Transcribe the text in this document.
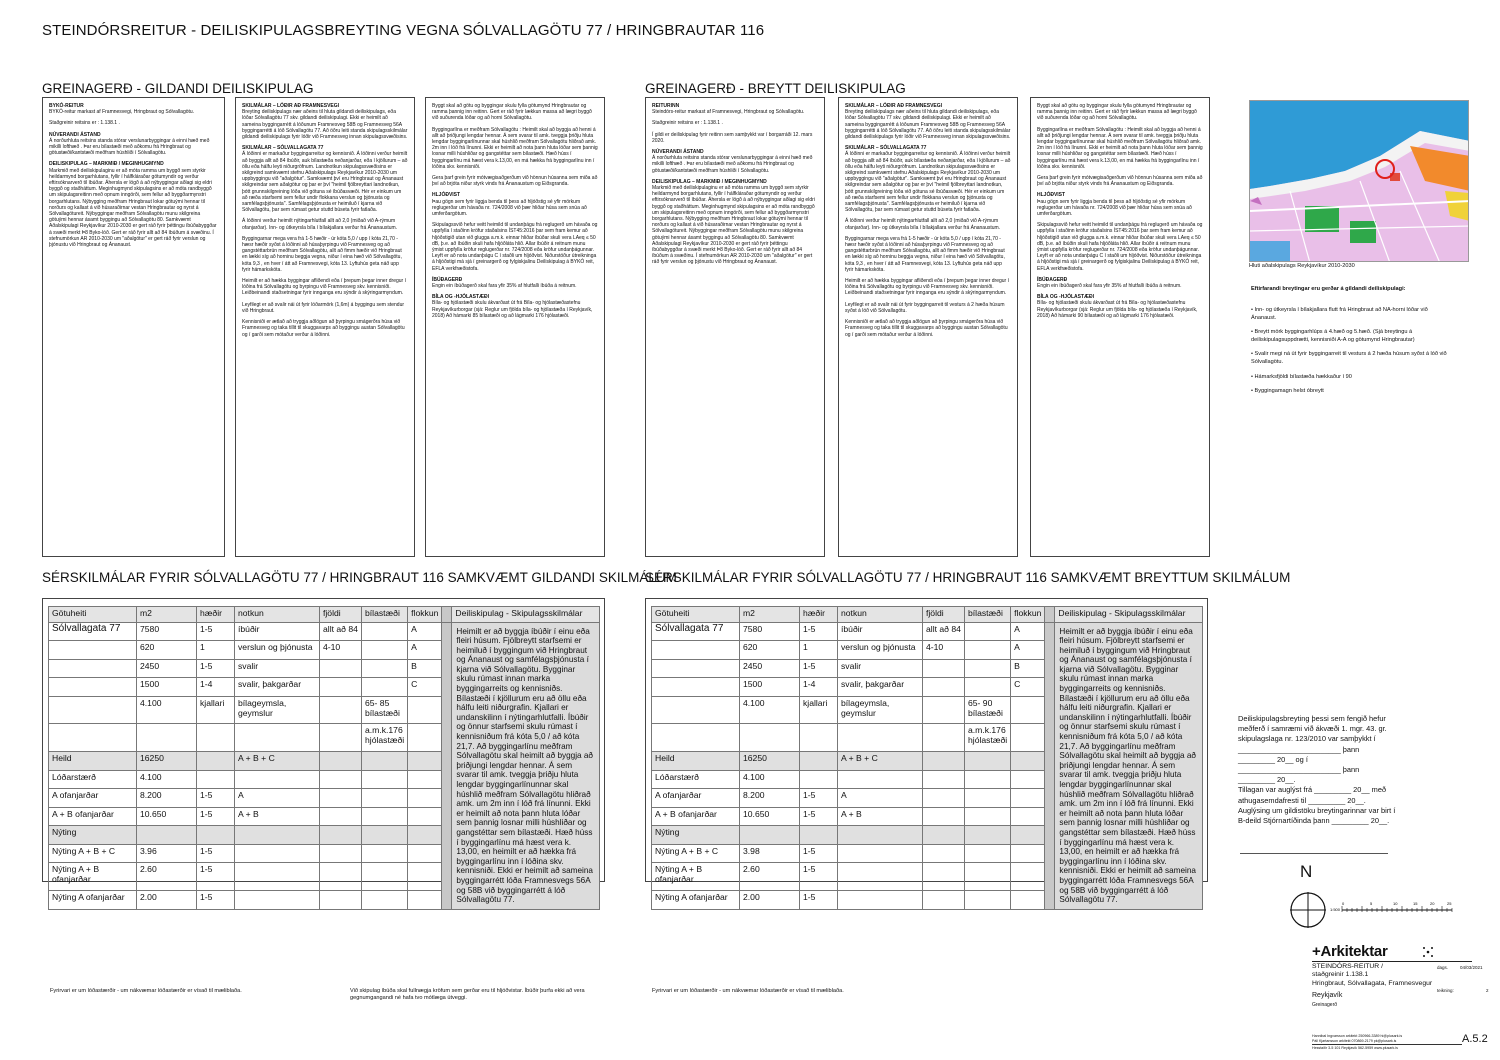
STEINDÓRSREITUR - DEILISKIPULAGSBREYTING VEGNA SÓLVALLAGÖTU 77 / HRINGBRAUTAR 116
GREINAGERÐ - GILDANDI DEILISKIPULAG

BYKÓ-REITUR
BYKÓ-reitur markast af Framnesvegi, Hringbraut og Sólvallagötu.

Staðgreinir reitsins er : 1.138.1 .

NÚVERANDI ÁSTAND
Á norðurhluta reitsins standa stórar verslunarbyggingar á einni hæð með mikilli lofthæð . Þar eru bílastæði með aðkomu frá Hringbraut og götustæði/kantstæði meðfram húshliði í Sólvallagötu.

DEILISKIPULAG – MARKMIÐ / MEGINHUGMYND
Markmið með deiliskipulaginu er að móta ramma um byggð sem styrkir heildarmynd borgarhlutans, fyllir í hálfkláraðar götumyndir og verður eftirsóknarverð til íbúðar. Áhersla er lögð á að nýbyggingar aðlagi sig eldri byggð og staðháttum. Meginhugmynd skipulagsins er að móta randbyggð um skipulagsreitinn með opnum inngörði, sem fellur að byggðarmynstri borgarhlutans. Nýbygging meðfram Hringbraut lokar götuými hennar til norðurs og kallast á við húsaraðirnar vestan Hringbrautar og nyrst á Sólvallagötureit. Nýbyggingar meðfram Sólvallagötu munu skilgreina götuými hennar ásamt byggingu að Sólvallagötu 80. Samkvæmt Aðalskipulagi Reykjavíkur 2010-2030 er gert ráð fyrir þéttingu íbúðabyggðar á svæði merkt Þ8 Byko-lóð. Gert er ráð fyrir allt að 84 íbúðum á svæðinu. Í stefnumörkun AR 2010-2030 um "aðalgötur" er gert ráð fyrir verslun og þjónustu við Hringbraut og Ánanaust.

SKILMÁLAR – LÓÐIR AÐ FRAMNESVEGI
Breyting deiliskipulags nær aðeins til hluta gildandi deiliskipulags, eða lóðar Sólvallagötu 77 skv. gildandi deiliskipulagi. Ekki er heimilt að sameina byggingarrétt á lóðunum Framnesveg 58B og Framnesveg 56A byggingarrétti á lóð Sólvallagötu 77. Að öðru leiti standa skipulagsskilmálar gildandi deiliskipulags fyrir lóðir við Framnesveg innan skipulagssvæðisins.

SKILMÁLAR – SÓLVALLAGATA 77
Á lóðinni er markaður byggingarreitur og kennisnið. Á lóðinni verður heimilt að byggja allt að 84 íbúðir, auk bílastæða neðanjarðar, eða í kjöllurum – að öllu eða hálfu leyti niðurgröfnum. Landnotkun skipulagssvæðisins er skilgreind samkvæmt stefnu Aðalskipulags Reykjavíkur 2010-2030 um uppbyggingu við "aðalgötur". Samkvæmt því eru Hringbraut og Ánanaust skilgreindar sem aðalgötur og þar er því "heimil fjölbreyttari landnotkun, þótt grunnskilgreining lóða við götuna sé íbúðasvæði. Hér er einkum um að ræða starfsemi sem fellur undir flokkana verslun og þjónusta og samfélagsþjónusta". Samfélagsþjónusta er heimiluð í kjarna við Sólvallagötu, þar sem rúmast getur stuttd búseta fyrir fatlaða.

Á lóðinni verður heimilt nýtingarhlutfall allt að 2,0 (miðað við A-rýmum ofanjarðar). Inn- og útkeyrsla bíla í bílakjallara verður frá Ánanaustum.

Byggingarnar mega vera frá 1-5 hæðir - úr kóta 5,0 / upp í kóta 21,70 - hæsr hæðir syðst á lóðinni að húsaþyrpingu við Framnesveg og að gangstéttarbrún meðfram Sólvallagötu, allt að fimm hæðir við Hringbraut en lækki síg að horninu beggja vegna, niður í eina hæð við Sólvallagötu, kóta 9,3 , en hver í átt að Framnesvegi, kóta 13. Lyftuhús geta náð upp fyrir hámarkskóta.

Heimilt er að hækka byggingar afliðendi eða í þrepum þegar inner dregur í lóðina frá Sólvallagötu og byrpingu við Framnesveg skv. kennisniði. Leiðbeinandi staðsetningar fyrir innganga eru sýndir á skýringarmyndum.

Leyfilegt er að svalir nái út fyrir lóðarmörk (1,6m) á byggingu sem stendur við Hringbraut.

Kennisniði er ætlað að tryggja aðlögun að þyrpingu smágerðra húsa við Framnesveg og taka tillit til skuggavarps að byggingu austan Sólvallagötu og í garði sem mótaður verður á lóðinni.

Byggt skal að götu og byggingar skulu fylla götumynd Hringbrautar og ramma þannig inn reitinn. Gert er ráð fyrir lækkun massa að lægri byggð við suðurenda lóðar og að horni Sólvallagötu.

Byggingarlína er meðfram Sólvallagötu : Heimilt skal að byggja að henni á allt að þriðjungi lengdar hennar. Á sem svarar til amk. tveggja þriðju hluta lengdar byggingarlínunnar skal húshlið meðfram Sólvallagötu hliðrað amk. 2m inn í lóð frá línunni. Ekki er heimilt að nota þann hluta lóðar sem þannig losnar milli húshliðar og gangstéttar sem bílastæði. Hæð húss í byggingarlínu má hæst vera k.13,00, en má hækka frá byggingarlínu inn í lóðina skv. kennisniði.

Gera þarf grein fyrir mótvægisaðgerðum við hönnun húsanna sem miða að því að brjóta niður styrk vinds frá Ánanaustum og Eiðsgranda.

HLJÓÐVIST
Þau gögn sem fyrir liggja benda til þess að hljóðstig sé yfir mörkum reglugerðar um hávaða nr. 724/2008 við þær hliðar húsa sem snúa að umferðargötum.

Skipulagssvið hefur veitt heimild til undanþágu frá reglugerð um hávaða og uppfylla í staðinn kröfur staðalsins ÍST45:2016 þar sem fram kemur að hljóðstigið utan við glugga a.m.k. einnar hliðar íbúðar skuli vera LAeq ≤ 50 dB, þ.e. að íbúðin skuli hafa hljóðláta hlið. Allar íbúðir á reitnum munu ýmist uppfylla kröfur reglugerðar nr. 724/2008 eða kröfur undanþágunnar. Leyft er að nota undanþágu C í staðli um hljóðvist. Niðurstöður útreikninga á hljóðstigi má sjá í greinargerð og fylgiskjalinu Deiliskipulag á BYKÓ reit, EFLA verkfræðistofa.

ÍBÚÐAGERÐ
Engin ein íbúðagerð skal fara yfir 35% af hlutfalli íbúða á reitnum.

BÍLA OG -HJÓLASTÆÐI
Bíla- og hjólastæði skulu ákvarðast út frá Bíla- og hjólastæðastefnu Reykjavíkurborgar (sjá: Reglur um fjölda bíla- og hjólastæða í Reykjavík, 2018) Að hámarki 85 bílastæði og að lágmarki 176 hjólastæði.

GREINAGERÐ - BREYTT DEILISKIPULAG

REITURINN
Steindórs-reitur markast af Framnesvegi, Hringbraut og Sólvallagötu.

Staðgreinir reitsins er : 1.138.1 .

Í gildi er deiliskipulag fyrir reitinn sem samþykkt var í borgarráði 12. mars 2020.

NÚVERANDI ÁSTAND
Á norðurhluta reitsins standa stórar verslunarbyggingar á einni hæð með mikilli lofthæð . Þar eru bílastæði með aðkomu frá Hringbraut og götustæði/kantstæði meðfram húshliði í Sólvallagötu.

DEILISKIPULAG – MARKMIÐ / MEGINHUGMYND
Markmið með deiliskipulaginu er að móta ramma um byggð sem styrkir heildarmynd borgarhlutans, fyllir í hálfkláraðar götumyndir og verður eftirsóknarverð til íbúðar. Áhersla er lögð á að nýbyggingar aðlagi sig eldri byggð og staðháttum. Meginhugmynd skipulagsins er að móta randbyggð um skipulagsreitinn með opnum inngörði, sem fellur að byggðarmynstri borgarhlutans. Nýbygging meðfram Hringbraut lokar götuými hennar til norðurs og kallast á við húsaraðirnar vestan Hringbrautar og nyrst á Sólvallagötureit. Nýbyggingar meðfram Sólvallagötu munu skilgreina götuými hennar ásamt byggingu að Sólvallagötu 80. Samkvæmt Aðalskipulagi Reykjavíkur 2010-2030 er gert ráð fyrir þéttingu íbúðabyggðar á svæði merkt Þ8 Byko-lóð. Gert er ráð fyrir allt að 84 íbúðum á svæðinu. Í stefnumörkun AR 2010-2030 um "aðalgötur" er gert ráð fyrir verslun og þjónustu við Hringbraut og Ánanaust.

SKILMÁLAR – LÓÐIR AÐ FRAMNESVEGI
Breyting deiliskipulags nær aðeins til hluta gildandi deiliskipulags, eða lóðar Sólvallagötu 77 skv. gildandi deiliskipulagi. Ekki er heimilt að sameina byggingarrétt á lóðunum Framnesveg 58B og Framnesveg 56A byggingarrétti á lóð Sólvallagötu 77. Að öðru leiti standa skipulagsskilmálar gildandi deiliskipulags fyrir lóðir við Framnesveg innan skipulagssvæðisins.

SKILMÁLAR – SÓLVALLAGATA 77
Á lóðinni er markaður byggingarreitur og kennisnið. Á lóðinni verður heimilt að byggja allt að 84 íbúðir, auk bílastæða neðanjarðar, eða í kjöllurum – að öllu eða hálfu leyti niðurgröfnum. Landnotkun skipulagssvæðisins er skilgreind samkvæmt stefnu Aðalskipulags Reykjavíkur 2010-2030 um uppbyggingu við "aðalgötur". Samkvæmt því eru Hringbraut og Ánanaust skilgreindar sem aðalgötur og þar er því "heimil fjölbreyttari landnotkun, þótt grunnskilgreining lóða við götuna sé íbúðasvæði. Hér er einkum um að ræða starfsemi sem fellur undir flokkana verslun og þjónusta og samfélagsþjónusta". Samfélagsþjónusta er heimiluð í kjarna við Sólvallagötu, þar sem rúmast getur stuttd búseta fyrir fatlaða.

Á lóðinni verður heimilt nýtingarhlutfall allt að 2,0 (miðað við A-rýmum ofanjarðar). Inn- og útkeyrsla bíla í bílakjallara verður frá Ánanaustum.

Byggingarnar mega vera frá 1-5 hæðir - úr kóta 5,0 / upp í kóta 21,70 - hæsr hæðir syðst á lóðinni að húsaþyrpingu við Framnesveg og að gangstéttarbrún meðfram Sólvallagötu, allt að fimm hæðir við Hringbraut en lækki síg að horninu beggja vegna, niður í eina hæð við Sólvallagötu, kóta 9,3 , en hver í átt að Framnesvegi, kóta 13. Lyftuhús geta náð upp fyrir hámarkskóta.

Heimilt er að hækka byggingar afliðendi eða í þrepum þegar inner dregur í lóðina frá Sólvallagötu og byrpingu við Framnesveg skv. kennisniði. Leiðbeinandi staðsetningar fyrir innganga eru sýndir á skýringarmyndum.

Leyfilegt er að svalir nái út fyrir byggingarreit til vesturs á 2 hæða húsum syðst á lóð við Sólvallagötu.

Kennisniði er ætlað að tryggja aðlögun að þyrpingu smágerðra húsa við Framnesveg og taka tillit til skuggavarps að byggingu austan Sólvallagötu og í garði sem mótaður verður á lóðinni.

Byggt skal að götu og byggingar skulu fylla götumynd Hringbrautar og ramma þannig inn reitinn. Gert er ráð fyrir lækkun massa að lægri byggð við suðurenda lóðar og að horni Sólvallagötu.

Byggingarlína er meðfram Sólvallagötu : Heimilt skal að byggja að henni á allt að þriðjungi lengdar hennar. Á sem svarar til amk. tveggja þriðju hluta lengdar byggingarlínunnar skal húshlið meðfram Sólvallagötu hliðrað amk. 2m inn í lóð frá línunni. Ekki er heimilt að nota þann hluta lóðar sem þannig losnar milli húshliðar og gangstéttar sem bílastæði. Hæð húss í byggingarlínu má hæst vera k.13,00, en má hækka frá byggingarlínu inn í lóðina skv. kennisniði.

Gera þarf grein fyrir mótvægisaðgerðum við hönnun húsanna sem miða að því að brjóta niður styrk vinds frá Ánanaustum og Eiðsgranda.

HLJÓÐVIST
Þau gögn sem fyrir liggja benda til þess að hljóðstig sé yfir mörkum reglugerðar um hávaða nr. 724/2008 við þær hliðar húsa sem snúa að umferðargötum.

Skipulagssvið hefur veitt heimild til undanþágu frá reglugerð um hávaða og uppfylla í staðinn kröfur staðalsins ÍST45:2016 þar sem fram kemur að hljóðstigið utan við glugga a.m.k. einnar hliðar íbúðar skuli vera LAeq ≤ 50 dB, þ.e. að íbúðin skuli hafa hljóðláta hlið. Allar íbúðir á reitnum munu ýmist uppfylla kröfur reglugerðar nr. 724/2008 eða kröfur undanþágunnar. Leyft er að nota undanþágu C í staðli um hljóðvist. Niðurstöður útreikninga á hljóðstigi má sjá í greinargerð og fylgiskjalinu Deiliskipulag á BYKÓ reit, EFLA verkfræðistofa.

ÍBÚÐAGERÐ
Engin ein íbúðagerð skal fara yfir 35% af hlutfalli íbúða á reitnum.

BÍLA OG -HJÓLASTÆÐI
Bíla- og hjólastæði skulu ákvarðast út frá Bíla- og hjólastæðastefnu Reykjavíkurborgar (sjá: Reglur um fjölda bíla- og hjólastæða í Reykjavík, 2018) Að hámarki 90 bílastæði og að lágmarki 176 hjólastæði.

SÉRSKILMÁLAR FYRIR SÓLVALLAGÖTU 77 / HRINGBRAUT 116 SAMKVÆMT GILDANDI SKILMÁLUM
SÉRSKILMÁLAR FYRIR SÓLVALLAGÖTU 77 / HRINGBRAUT 116 SAMKVÆMT BREYTTUM SKILMÁLUM
Götuheiti	m2	hæðir	notkun	fjöldi	bílastæði	flokkun		Deiliskipulag - Skipulagsskilmálar
Sólvallagata 77	7580	1-5	íbúðir	allt að 84		A		Heimilt er að byggja íbúðir í einu eða fleiri húsum. Fjölbreytt starfsemi er heimiluð í byggingum við Hringbraut og Ánanaust og samfélagsþjónusta í kjarna við Sólvallagötu. Bygginar skulu rúmast innan marka byggingarreits og kennisniðs. Bílastæði í kjöllurum eru að öllu eða hálfu leiti niðurgrafin. Kjallari er undanskilinn í nýtingarhlutfalli. Íbúðir og önnur starfsemi skulu rúmast í kennisniðum frá kóta 5,0 / að kóta 21,7. Að byggingarlínu meðfram Sólvallagötu skal heimilt að byggja að þriðjungi lengdar hennar. Á sem svarar til amk. tveggja þriðju hluta lengdar byggingarlínunnar skal húshlið meðfram Sólvallagötu hliðrað amk. um 2m inn í lóð frá línunni. Ekki er heimilt að nota þann hluta lóðar sem þannig losnar milli húshliðar og gangstéttar sem bílastæði. Hæð húss í byggingarlínu má hæst vera k. 13,00, en heimilt er að hækka frá byggingarlínu inn í lóðina skv. kennisniði. Ekki er heimilt að sameina byggingarrétt lóða Framnesvegs 56A og 58B við byggingarrétt á lóð Sólvallagötu 77.
	620	1	verslun og þjónusta	4-10		A		
	2450	1-5	svalir			B		
	1500	1-4	svalir, þakgarðar			C		
	4.100	kjallari	bílageymsla, geymslur		65- 85 bílastæði			
					a.m.k.176 hjólastæði			
Heild	16250		A + B + C					
Lóðarstærð	4.100							
A ofanjarðar	8.200	1-5	A					
A + B ofanjarðar	10.650	1-5	A + B					
Nýting								
Nýting A + B + C	3.96	1-5						
Nýting A + B ofanjarðar	2.60	1-5						
Nýting A ofanjarðar	2.00	1-5						
Götuheiti	m2	hæðir	notkun	fjöldi	bílastæði	flokkun		Deiliskipulag - Skipulagsskilmálar
Sólvallagata 77	7580	1-5	íbúðir	allt að 84		A		Heimilt er að byggja íbúðir í einu eða fleiri húsum. Fjölbreytt starfsemi er heimiluð í byggingum við Hringbraut og Ánanaust og samfélagsþjónusta í kjarna við Sólvallagötu. Bygginar skulu rúmast innan marka byggingarreits og kennisniðs. Bílastæði í kjöllurum eru að öllu eða hálfu leiti niðurgrafin. Kjallari er undanskilinn í nýtingarhlutfalli. Íbúðir og önnur starfsemi skulu rúmast í kennisniðum frá kóta 5,0 / að kóta 21,7. Að byggingarlínu meðfram Sólvallagötu skal heimilt að byggja að þriðjungi lengdar hennar. Á sem svarar til amk. tveggja þriðju hluta lengdar byggingarlínunnar skal húshlið meðfram Sólvallagötu hliðrað amk. um 2m inn í lóð frá línunni. Ekki er heimilt að nota þann hluta lóðar sem þannig losnar milli húshliðar og gangstéttar sem bílastæði. Hæð húss í byggingarlínu má hæst vera k. 13,00, en heimilt er að hækka frá byggingarlínu inn í lóðina skv. kennisniði. Ekki er heimilt að sameina byggingarrétt lóða Framnesvegs 56A og 58B við byggingarrétt á lóð Sólvallagötu 77.
	620	1	verslun og þjónusta	4-10		A		
	2450	1-5	svalir			B		
	1500	1-4	svalir, þakgarðar			C		
	4.100	kjallari	bílageymsla, geymslur		65- 90 bílastæði			
					a.m.k.176 hjólastæði			
Heild	16250		A + B + C					
Lóðarstærð	4.100							
A ofanjarðar	8.200	1-5	A					
A + B ofanjarðar	10.650	1-5	A + B					
Nýting								
Nýting A + B + C	3.98	1-5						
Nýting A + B ofanjarðar	2.60	1-5						
Nýting A ofanjarðar	2.00	1-5						
Fyrirvari er um lóðastærðir - um nákvæmar lóðastærðir er vísað til mæliblaða.	Við skipulag íbúða skal fullnægja kröfum sem gerðar eru til hljóðvistar. Íbúðir þurfa ekki að vera gegnumgangandi né hafa tvo mótlæga útveggi.
Fyrirvari er um lóðastærðir - um nákvæmar lóðastærðir er vísað til mæliblaða.
Hluti aðalskipulags Reykjavíkur 2010-2030
Eftirfarandi breytingar eru gerðar á gildandi deiliskipulagi:
• Inn- og útkeyrsla í bílakjallara flutt frá Hringbraut að NA-horni lóðar við Ánanaust.
• Breytt mörk byggingarhlúps á 4.hæð og 5.hæð. (Sjá breytingu á deiliskipulagsuppdrætti, kennisniði A-A og götumynd Hringbrautar)
• Svalir megi ná út fyrir byggingarreit til vesturs á 2 hæða húsum syðst á lóð við Sólvallagötu.
• Hámarksfjöldi bílastæða hækkaður í 90
• Byggingamagn helst óbreytt
Deiliskipulagsbreyting þessi sem fengið hefur
meðferð í samræmi við ákvæði 1. mgr. 43. gr.
skipulagslaga nr. 123/2010 var samþykkt í
_________________________ þann
_________ 20__ og í
_________________________ þann
_________ 20__.
Tillagan var auglýst frá _________ 20__ með
athugasemdafresti til _________ 20__.
Auglýsing um gildistöku breytingarinnar var birt í
B-deild Stjórnartíðinda þann _________ 20__.
N
1:500
0	5	10	15	20	25
+Arkitektar
STEINDÓRS-REITUR /
staðgreinir 1.138.1
Hringbraut, Sólvallagata, Framnesvegur
Reykjavík
Greinagerð
dags.	04/03/2021
teikning:	2
Hannibal Ingvarsson arkitekt 250966-3389 hi@plusark.is
Páll Kjartansson arkitekt 070869-2179 pk@plusark.is
Hesstaðir 3-5 101 Reykjavík 562-5959 www.plusark.is
A.5.2
